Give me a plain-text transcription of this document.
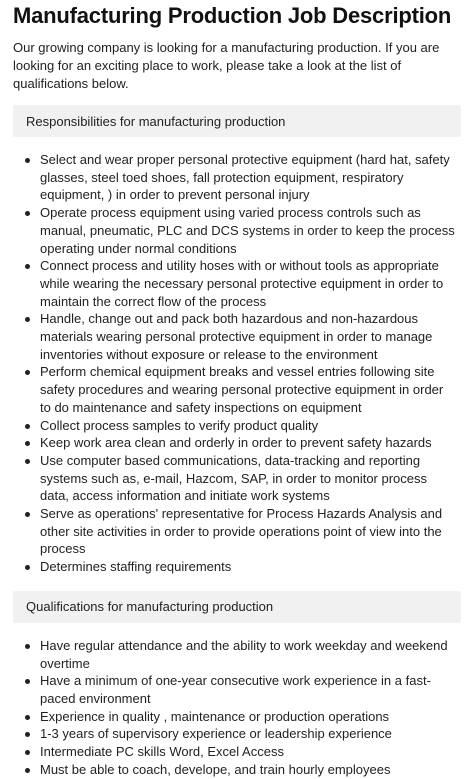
Manufacturing Production Job Description

Our growing company is looking for a manufacturing production. If you are looking for an exciting place to work, please take a look at the list of qualifications below.

Responsibilities for manufacturing production
Select and wear proper personal protective equipment (hard hat, safety glasses, steel toed shoes, fall protection equipment, respiratory equipment, ) in order to prevent personal injury
Operate process equipment using varied process controls such as manual, pneumatic, PLC and DCS systems in order to keep the process operating under normal conditions
Connect process and utility hoses with or without tools as appropriate while wearing the necessary personal protective equipment in order to maintain the correct flow of the process
Handle, change out and pack both hazardous and non-hazardous materials wearing personal protective equipment in order to manage inventories without exposure or release to the environment
Perform chemical equipment breaks and vessel entries following site safety procedures and wearing personal protective equipment in order to do maintenance and safety inspections on equipment
Collect process samples to verify product quality
Keep work area clean and orderly in order to prevent safety hazards
Use computer based communications, data-tracking and reporting systems such as, e-mail, Hazcom, SAP, in order to monitor process data, access information and initiate work systems
Serve as operations' representative for Process Hazards Analysis and other site activities in order to provide operations point of view into the process
Determines staffing requirements
Qualifications for manufacturing production
Have regular attendance and the ability to work weekday and weekend overtime
Have a minimum of one-year consecutive work experience in a fast-paced environment
Experience in quality , maintenance or production operations
1-3 years of supervisory experience or leadership experience
Intermediate PC skills Word, Excel Access
Must be able to coach, develope, and train hourly employees
